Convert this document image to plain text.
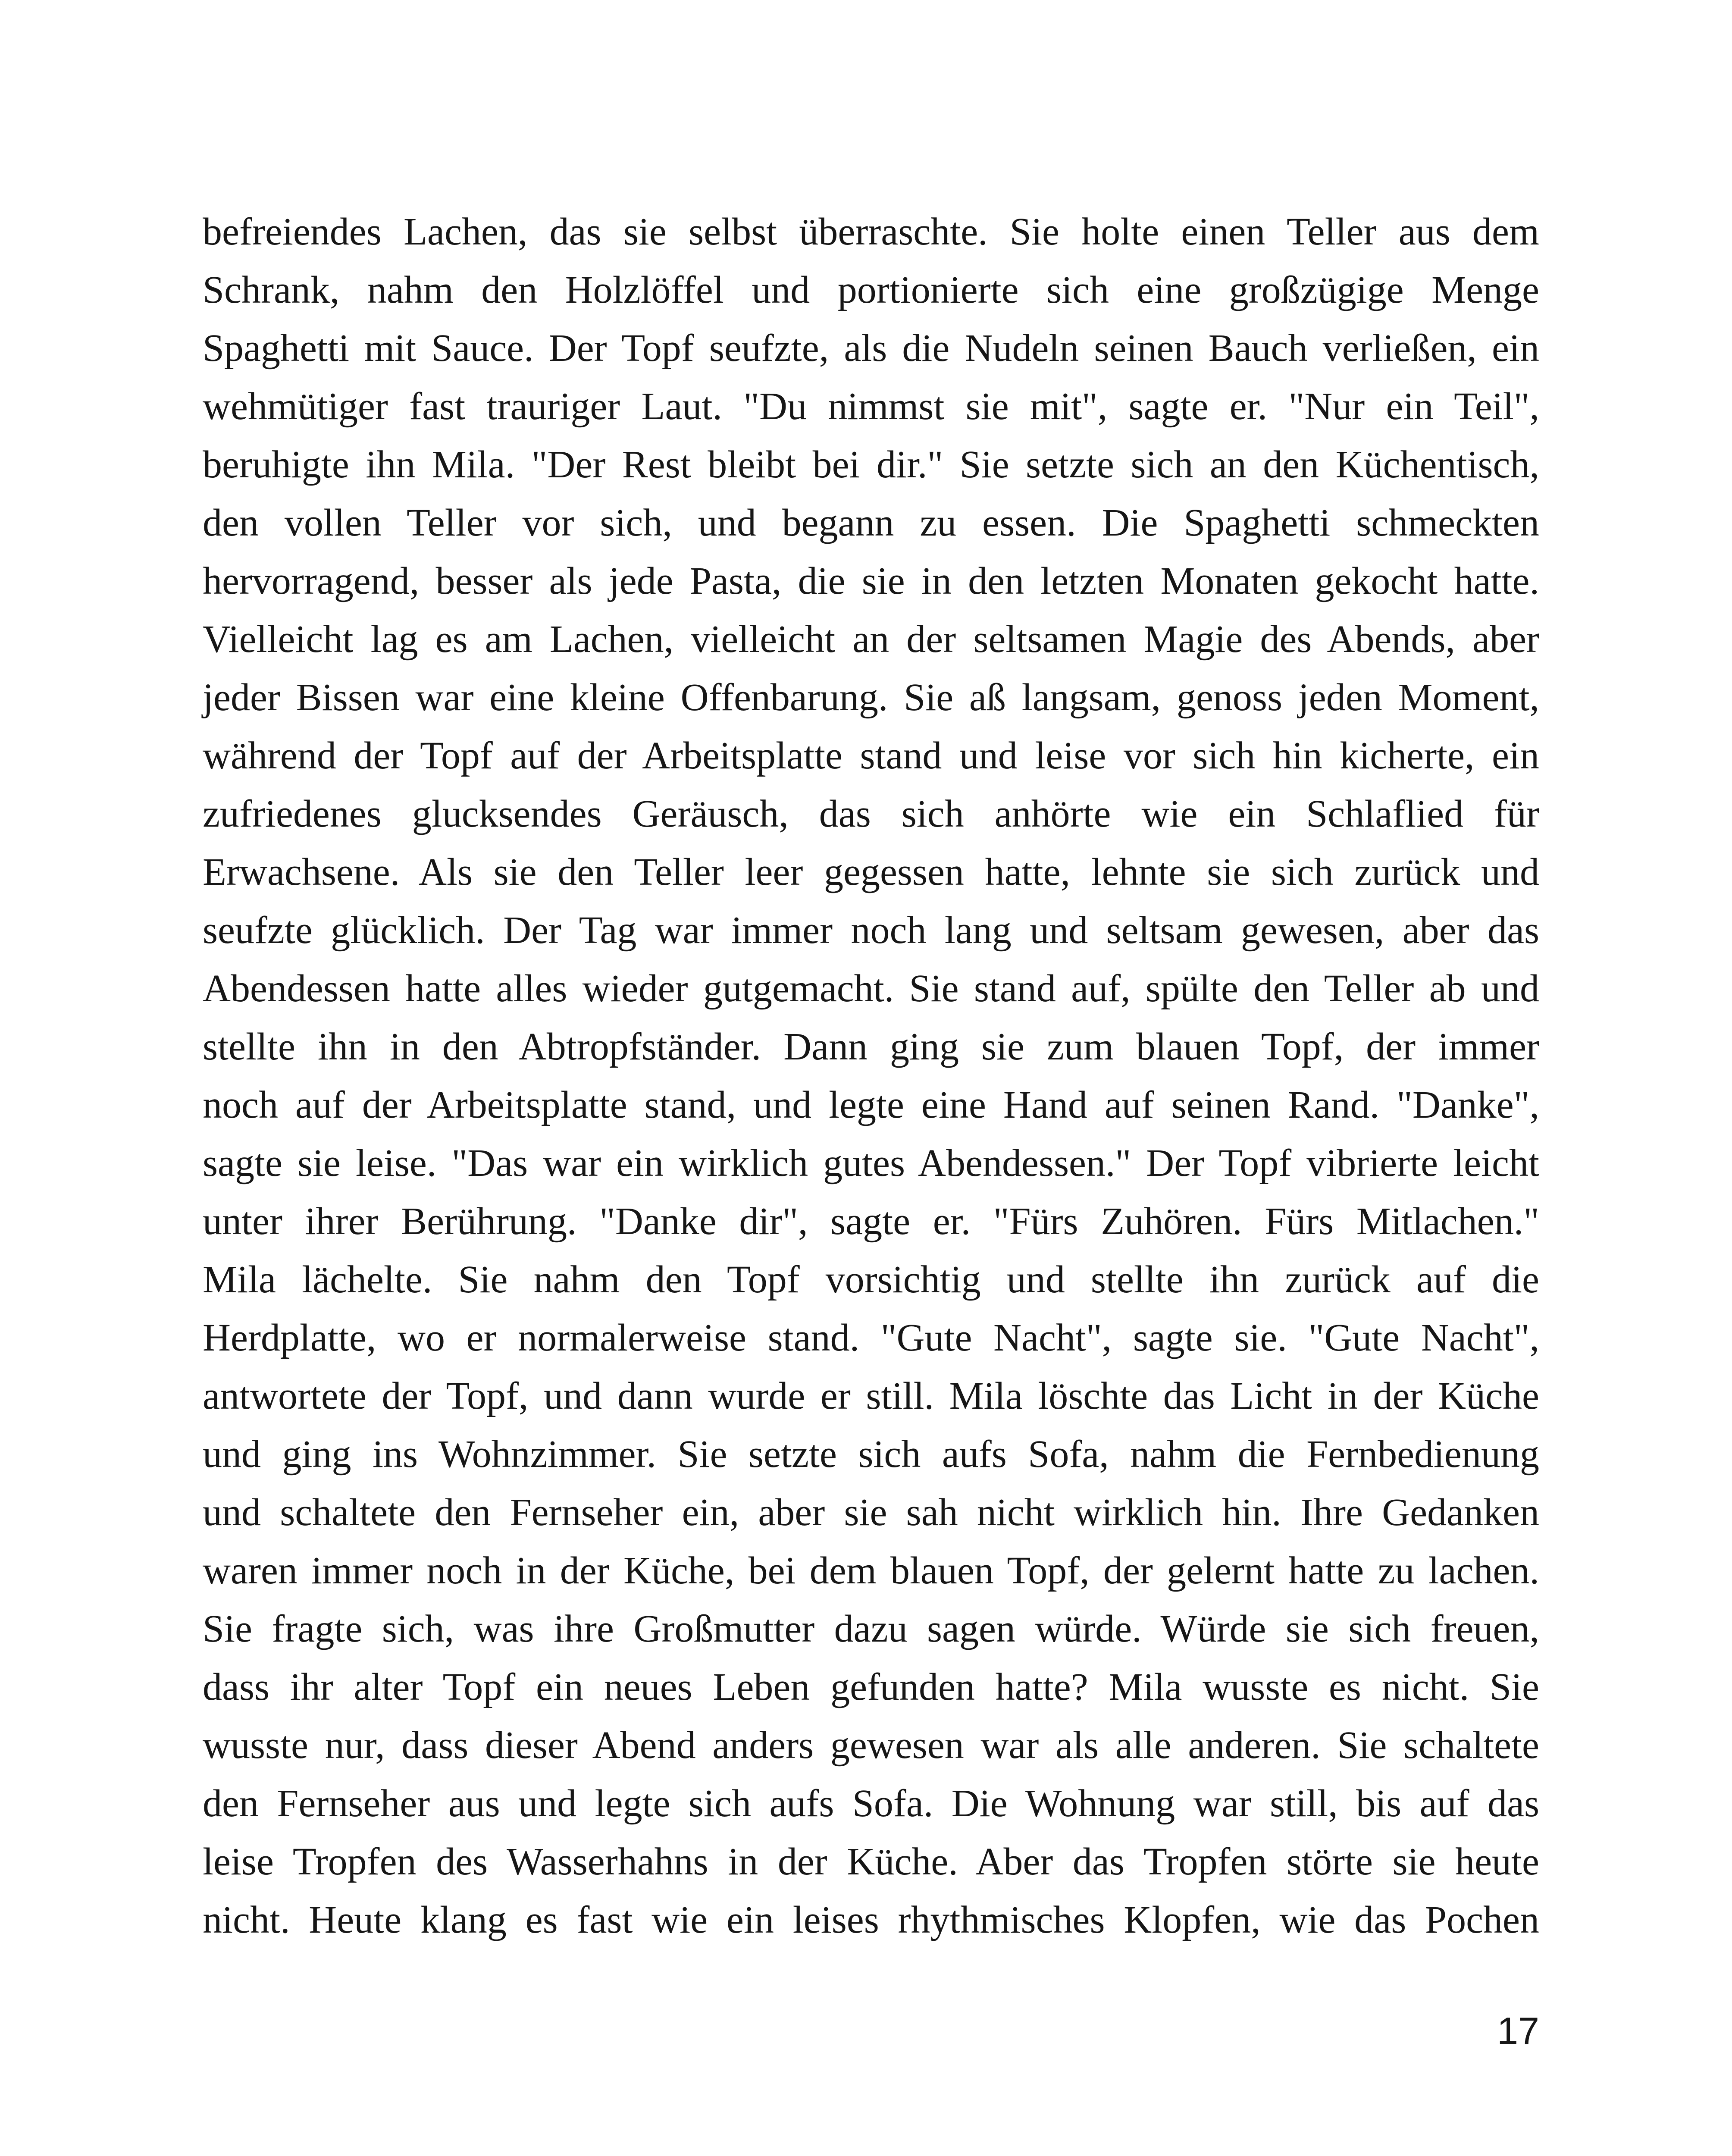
befreiendes Lachen, das sie selbst überraschte. Sie holte einen Teller aus dem
Schrank, nahm den Holzlöffel und portionierte sich eine großzügige Menge
Spaghetti mit Sauce. Der Topf seufzte, als die Nudeln seinen Bauch verließen, ein
wehmütiger fast trauriger Laut. "Du nimmst sie mit", sagte er. "Nur ein Teil",
beruhigte ihn Mila. "Der Rest bleibt bei dir." Sie setzte sich an den Küchentisch,
den vollen Teller vor sich, und begann zu essen. Die Spaghetti schmeckten
hervorragend, besser als jede Pasta, die sie in den letzten Monaten gekocht hatte.
Vielleicht lag es am Lachen, vielleicht an der seltsamen Magie des Abends, aber
jeder Bissen war eine kleine Offenbarung. Sie aß langsam, genoss jeden Moment,
während der Topf auf der Arbeitsplatte stand und leise vor sich hin kicherte, ein
zufriedenes glucksendes Geräusch, das sich anhörte wie ein Schlaflied für
Erwachsene. Als sie den Teller leer gegessen hatte, lehnte sie sich zurück und
seufzte glücklich. Der Tag war immer noch lang und seltsam gewesen, aber das
Abendessen hatte alles wieder gutgemacht. Sie stand auf, spülte den Teller ab und
stellte ihn in den Abtropfständer. Dann ging sie zum blauen Topf, der immer
noch auf der Arbeitsplatte stand, und legte eine Hand auf seinen Rand. "Danke",
sagte sie leise. "Das war ein wirklich gutes Abendessen." Der Topf vibrierte leicht
unter ihrer Berührung. "Danke dir", sagte er. "Fürs Zuhören. Fürs Mitlachen."
Mila lächelte. Sie nahm den Topf vorsichtig und stellte ihn zurück auf die
Herdplatte, wo er normalerweise stand. "Gute Nacht", sagte sie. "Gute Nacht",
antwortete der Topf, und dann wurde er still. Mila löschte das Licht in der Küche
und ging ins Wohnzimmer. Sie setzte sich aufs Sofa, nahm die Fernbedienung
und schaltete den Fernseher ein, aber sie sah nicht wirklich hin. Ihre Gedanken
waren immer noch in der Küche, bei dem blauen Topf, der gelernt hatte zu lachen.
Sie fragte sich, was ihre Großmutter dazu sagen würde. Würde sie sich freuen,
dass ihr alter Topf ein neues Leben gefunden hatte? Mila wusste es nicht. Sie
wusste nur, dass dieser Abend anders gewesen war als alle anderen. Sie schaltete
den Fernseher aus und legte sich aufs Sofa. Die Wohnung war still, bis auf das
leise Tropfen des Wasserhahns in der Küche. Aber das Tropfen störte sie heute
nicht. Heute klang es fast wie ein leises rhythmisches Klopfen, wie das Pochen
17
